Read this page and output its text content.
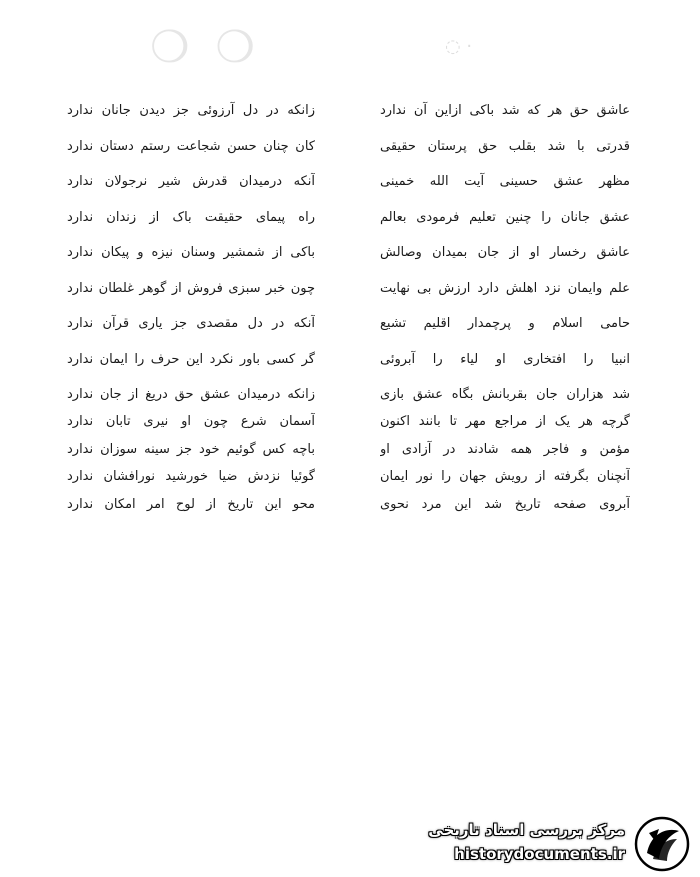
❍ ❍	◌ ·
عاشق حق هر که شد باکی ازاین آن ندارد
قدرتی با شد بقلب حق پرستان حقیقی
مظهر عشق حسینی آیت الله خمینی
عشق جانان را چنین تعلیم فرمودی بعالم
عاشق رخسار او از جان بمیدان وصالش
علم وایمان نزد اهلش دارد ارزش بی نهایت
حامی اسلام و پرچمدار اقلیم تشیع
انبیا را افتخاری او لیاء را آبروئی
شد هزاران جان بقربانش بگاه عشق بازی
گرچه هر یک از مراجع مهر تا بانند اکنون
مؤمن و فاجر همه شادند در آزادی او
آنچنان بگرفته از رویش جهان را نور ایمان
آبروی صفحه تاریخ شد این مرد نحوی
زانکه در دل آرزوئی جز دیدن جانان ندارد
کان چنان حسن شجاعت رستم دستان ندارد
آنکه درمیدان قدرش شیر نرجولان ندارد
راه پیمای حقیقت باک از زندان ندارد
باکی از شمشیر وسنان نیزه و پیکان ندارد
چون خبر سبزی فروش از گوهر غلطان ندارد
آنکه در دل مقصدی جز یاری قرآن ندارد
گر کسی باور نکرد این حرف را ایمان ندارد
زانکه درمیدان عشق حق دریغ از جان ندارد
آسمان شرع چون او نیری تابان ندارد
باچه کس گوئیم خود جز سینه سوزان ندارد
گوئیا نزدش ضیا خورشید نورافشان ندارد
محو این تاریخ از لوح امر امکان ندارد
مرکز بررسی اسناد تاریخی
historydocuments.ir
